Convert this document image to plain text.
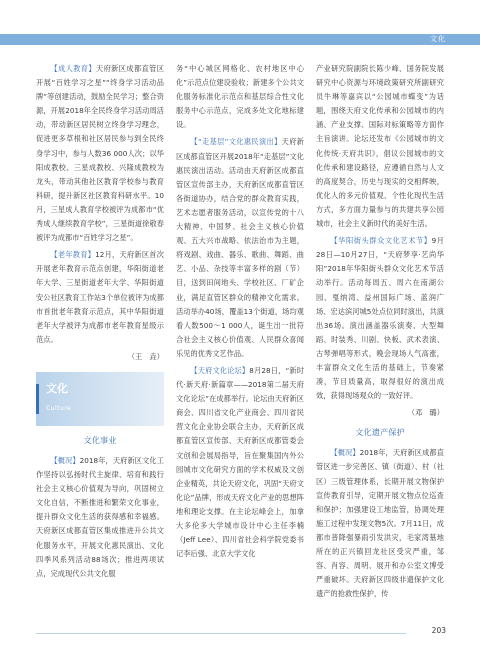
文化

【成人教育】天府新区成都直管区开展“百姓学习之星”“终身学习活动品牌”等创建活动，鼓励全民学习；整合资源，开展2018年全民终身学习活动周活动，带动新区居民树立终身学习理念，促进更多草根和社区居民参与到全民终身学习中，参与人数36 000人次；以华阳成教校、三星成教校、兴隆成教校为龙头，带动其他社区教育学校参与教育科研，提升新区社区教育科研水平。10月，三星成人教育学校被评为成都市“优秀成人继续教育学校”，三星街道徐敬春被评为成都市“百姓学习之星”。

【老年教育】12月，天府新区首次开展老年教育示范点创建，华阳街道老年大学、三星街道老年大学、华阳街道安公社区教育工作站3个单位被评为成都市首批老年教育示范点，其中华阳街道老年大学被评为成都市老年教育星级示范点。

（王　垚）

文化
Culture
文化事业

【概况】2018年，天府新区文化工作坚持以弘扬时代主旋律、培育和践行社会主义核心价值观为导向，巩固树立文化自信，不断推进和繁荣文化事业，提升群众文化生活的获得感和幸福感。天府新区成都直管区集成推进升公共文化服务水平，开展文化惠民演出、文化四季风系列活动88场次；推进两项试点，完成现代公共文化服

务“中心城区网格化、农村地区中心化”示范点位建设验收；新建多个公共文化服务标准化示范点和基层综合性文化服务中心示范点，完成多处文化地标建设。

【“走基层”文化惠民演出】天府新区成都直管区开展2018年“走基层”文化惠民演出活动。活动由天府新区成都直管区宣传部主办，天府新区成都直管区各街道协办，结合党的群众教育实践，艺术志愿者服务活动，以宣传党的十八大精神、中国梦、社会主义核心价值观、五大兴市战略、依法治市为主题，将戏剧、戏曲、器乐、歌曲、舞蹈、曲艺、小品、杂技等丰富多样的剧（节）目，送到田间地头、学校社区、厂矿企业，满足直管区群众的精神文化需求。活动举办40场，覆盖13个街道，场均观看人数500～1 000人，诞生出一批符合社会主义核心价值观、人民群众喜闻乐见的优秀文艺作品。

【天府文化论坛】8月28日，“新时代·新天府·新篇章——2018第二届天府文化论坛”在成都举行。论坛由天府新区商会、四川省文化产业商会、四川省民营文化企业协会联合主办，天府新区成都直管区宣传部、天府新区成都管委会文创和会展局指导，旨在聚集国内外公园城市文化研究方面的学术权威及文创企业精英，共论天府文化，巩固“天府文化论”品牌，形成天府文化产业的思想阵地和理论支撑。在主论坛峰会上，加拿大多伦多大学城市设计中心主任李楠（Jeff Lee）、四川省社会科学院党委书记李后强、北京大学文化

产业研究院副院长陈少峰、国务院发展研究中心资源与环境政策研究所副研究员牛琳等嘉宾以“公园城市蝶变”为话题，围绕天府文化传承和公园城市的内涵、产业支撑、国际对标策略等方面作主旨演讲。论坛还发布《公园城市的文化传统·天府共识》，倡议公园城市的文化传承和建设路径，应遵循自然与人文的高度契合，历史与现实的交相辉映，优化人的多元价值观、个性化现代生活方式，多方面力量参与的共建共享公园城市，社会主义新时代的美好生活。

【华阳街头群众文化艺术节】9月28日—10月27日，“天府梦享·艺尚华阳”2018年华阳街头群众文化艺术节活动举行。活动每周五、周六在南湖公园、戛纳湾、益州国际广场、蓝润广场、宏达滨河城5处点位同时演出，共演出36场。演出涵盖器乐演奏、大型舞蹈、时装秀、川剧、快板、武术表演、古琴弹唱等形式，晚会现场人气高涨，丰富群众文化生活的基础上，节奏紧凑，节目质量高，取得很好的演出成效，获得现场观众的一致好评。

（邓　璐）

文化遗产保护

【概况】2018年，天府新区成都直管区进一步完善区、镇（街道）、村（社区）三级管理体系，长期开展文物保护宣传教育引导，定期开展文物点位巡查和保护；加强建设工地监管，协调处理施工过程中发现文物5次。7月11日，成都市普降强暴雨引发洪灾，毛家湾墓地所在的正兴镇回龙社区受灾严重，邹容、肖容、周明、展开和办公室文博受严重破坏。天府新区四级非遗保护文化遗产的抢救性保护，传

203
